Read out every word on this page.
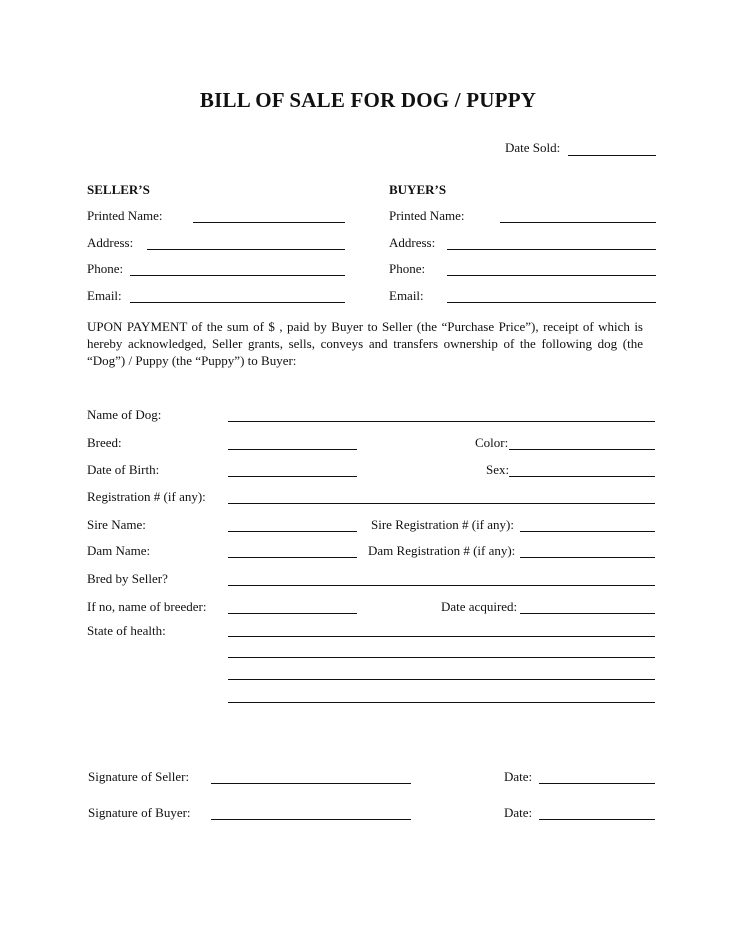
BILL OF SALE FOR DOG / PUPPY
Date Sold:
SELLER’S
Printed Name:
Address:
Phone:
Email:
BUYER’S
Printed Name:
Address:
Phone:
Email:
UPON PAYMENT of the sum of $ , paid by Buyer to Seller (the “Purchase Price”), receipt of which is hereby acknowledged, Seller grants, sells, conveys and transfers ownership of the following dog (the “Dog”) / Puppy (the “Puppy”) to Buyer:
Name of Dog:
Breed:	Color:
Date of Birth:	Sex:
Registration # (if any):
Sire Name:	Sire Registration # (if any):
Dam Name:	Dam Registration # (if any):
Bred by Seller?
If no, name of breeder:	Date acquired:
State of health:
Signature of Seller:	Date:
Signature of Buyer:	Date:
